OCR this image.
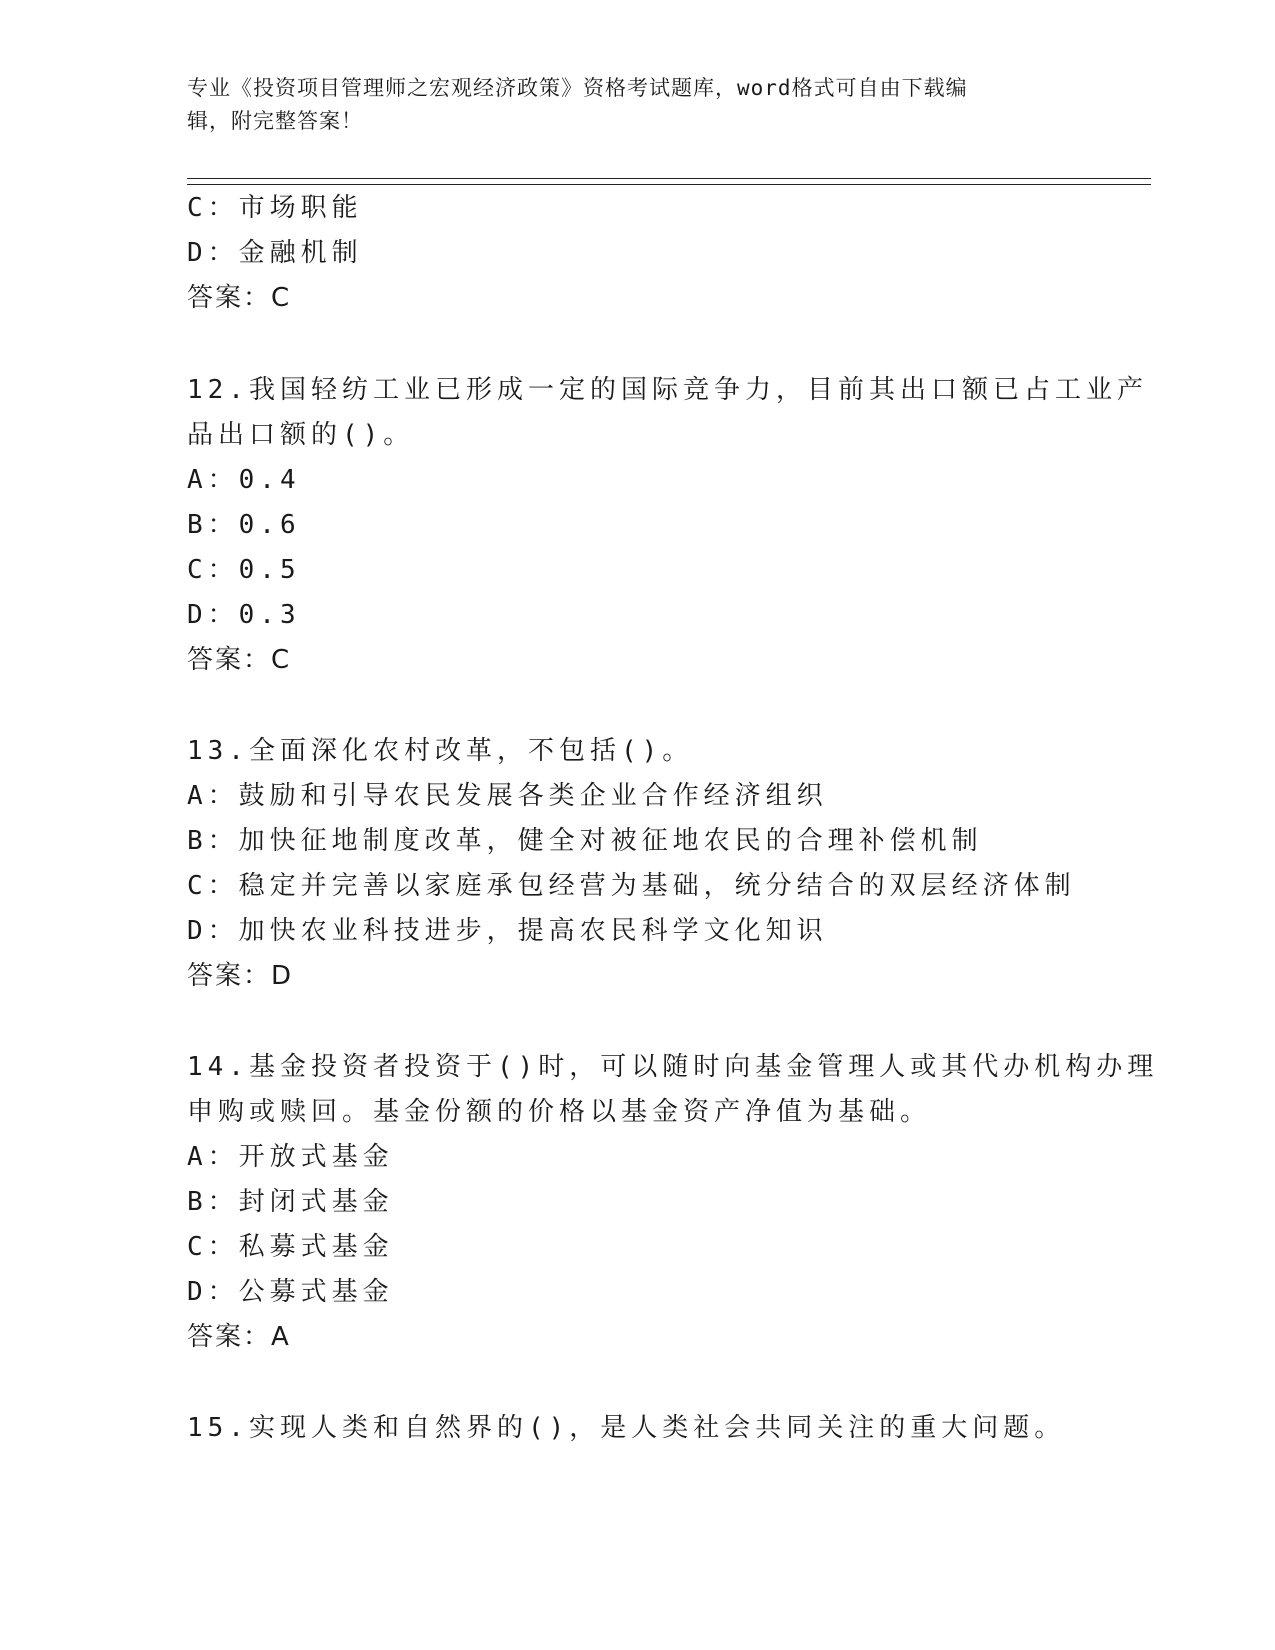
专业《投资项目管理师之宏观经济政策》资格考试题库，word格式可自由下载编
辑，附完整答案！
C：市场职能
D：金融机制
答案：C
12.我国轻纺工业已形成一定的国际竞争力，目前其出口额已占工业产
品出口额的()。
A：0.4
B：0.6
C：0.5
D：0.3
答案：C
13.全面深化农村改革，不包括()。
A：鼓励和引导农民发展各类企业合作经济组织
B：加快征地制度改革，健全对被征地农民的合理补偿机制
C：稳定并完善以家庭承包经营为基础，统分结合的双层经济体制
D：加快农业科技进步，提高农民科学文化知识
答案：D
14.基金投资者投资于()时，可以随时向基金管理人或其代办机构办理
申购或赎回。基金份额的价格以基金资产净值为基础。
A：开放式基金
B：封闭式基金
C：私募式基金
D：公募式基金
答案：A
15.实现人类和自然界的()，是人类社会共同关注的重大问题。
